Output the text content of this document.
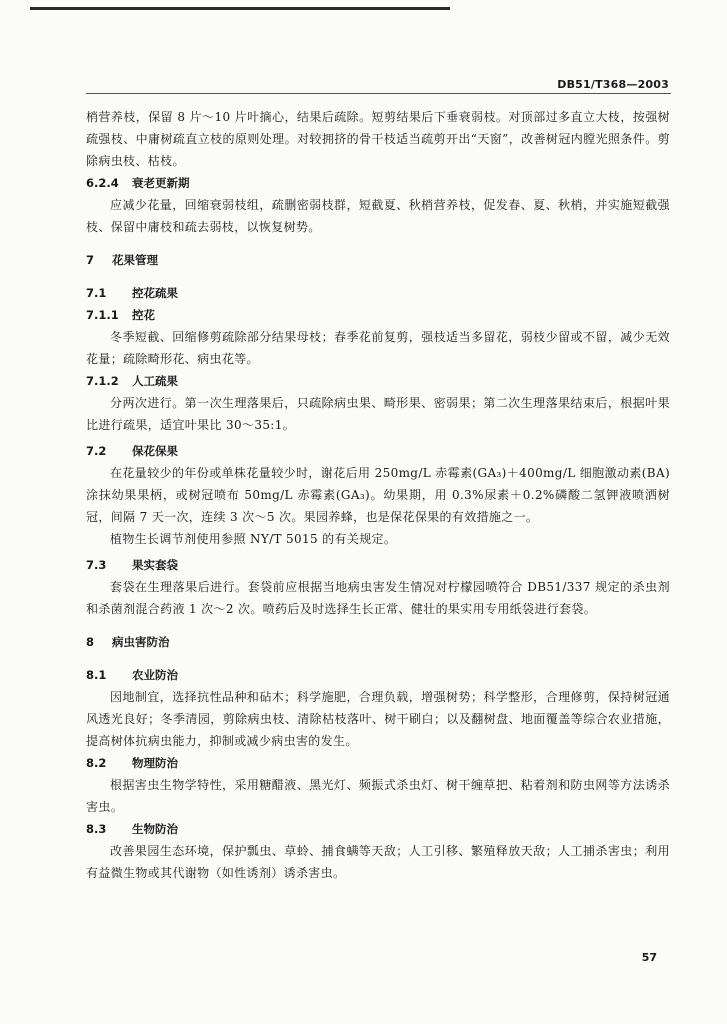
DB51/T368—2003

梢营养枝，保留 8 片～10 片叶摘心，结果后疏除。短剪结果后下垂衰弱枝。对顶部过多直立大枝，按强树疏强枝、中庸树疏直立枝的原则处理。对较拥挤的骨干枝适当疏剪开出“天窗”，改善树冠内膛光照条件。剪除病虫枝、枯枝。

6.2.4 衰老更新期

应减少花量，回缩衰弱枝组，疏删密弱枝群，短截夏、秋梢营养枝，促发春、夏、秋梢，并实施短截强枝、保留中庸枝和疏去弱枝，以恢复树势。

7 花果管理
7.1 控花疏果
7.1.1 控花

冬季短截、回缩修剪疏除部分结果母枝；春季花前复剪，强枝适当多留花，弱枝少留或不留，减少无效花量；疏除畸形花、病虫花等。

7.1.2 人工疏果

分两次进行。第一次生理落果后，只疏除病虫果、畸形果、密弱果；第二次生理落果结束后，根据叶果比进行疏果，适宜叶果比 30～35:1。

7.2 保花保果

在花量较少的年份或单株花量较少时，谢花后用 250mg/L 赤霉素(GA₃)＋400mg/L 细胞激动素(BA)涂抹幼果果柄，或树冠喷布 50mg/L 赤霉素(GA₃)。幼果期，用 0.3%尿素＋0.2%磷酸二氢钾液喷洒树冠，间隔 7 天一次，连续 3 次～5 次。果园养蜂，也是保花保果的有效措施之一。

植物生长调节剂使用参照 NY/T 5015 的有关规定。

7.3 果实套袋

套袋在生理落果后进行。套袋前应根据当地病虫害发生情况对柠檬园喷符合 DB51/337 规定的杀虫剂和杀菌剂混合药液 1 次～2 次。喷药后及时选择生长正常、健壮的果实用专用纸袋进行套袋。

8 病虫害防治
8.1 农业防治

因地制宜，选择抗性品种和砧木；科学施肥，合理负载，增强树势；科学整形，合理修剪，保持树冠通风透光良好；冬季清园，剪除病虫枝、清除枯枝落叶、树干刷白；以及翻树盘、地面覆盖等综合农业措施，提高树体抗病虫能力，抑制或减少病虫害的发生。

8.2 物理防治

根据害虫生物学特性，采用糖醋液、黑光灯、频振式杀虫灯、树干缠草把、粘着剂和防虫网等方法诱杀害虫。

8.3 生物防治

改善果园生态环境，保护瓢虫、草蛉、捕食螨等天敌；人工引移、繁殖释放天敌；人工捕杀害虫；利用有益微生物或其代谢物（如性诱剂）诱杀害虫。

57
